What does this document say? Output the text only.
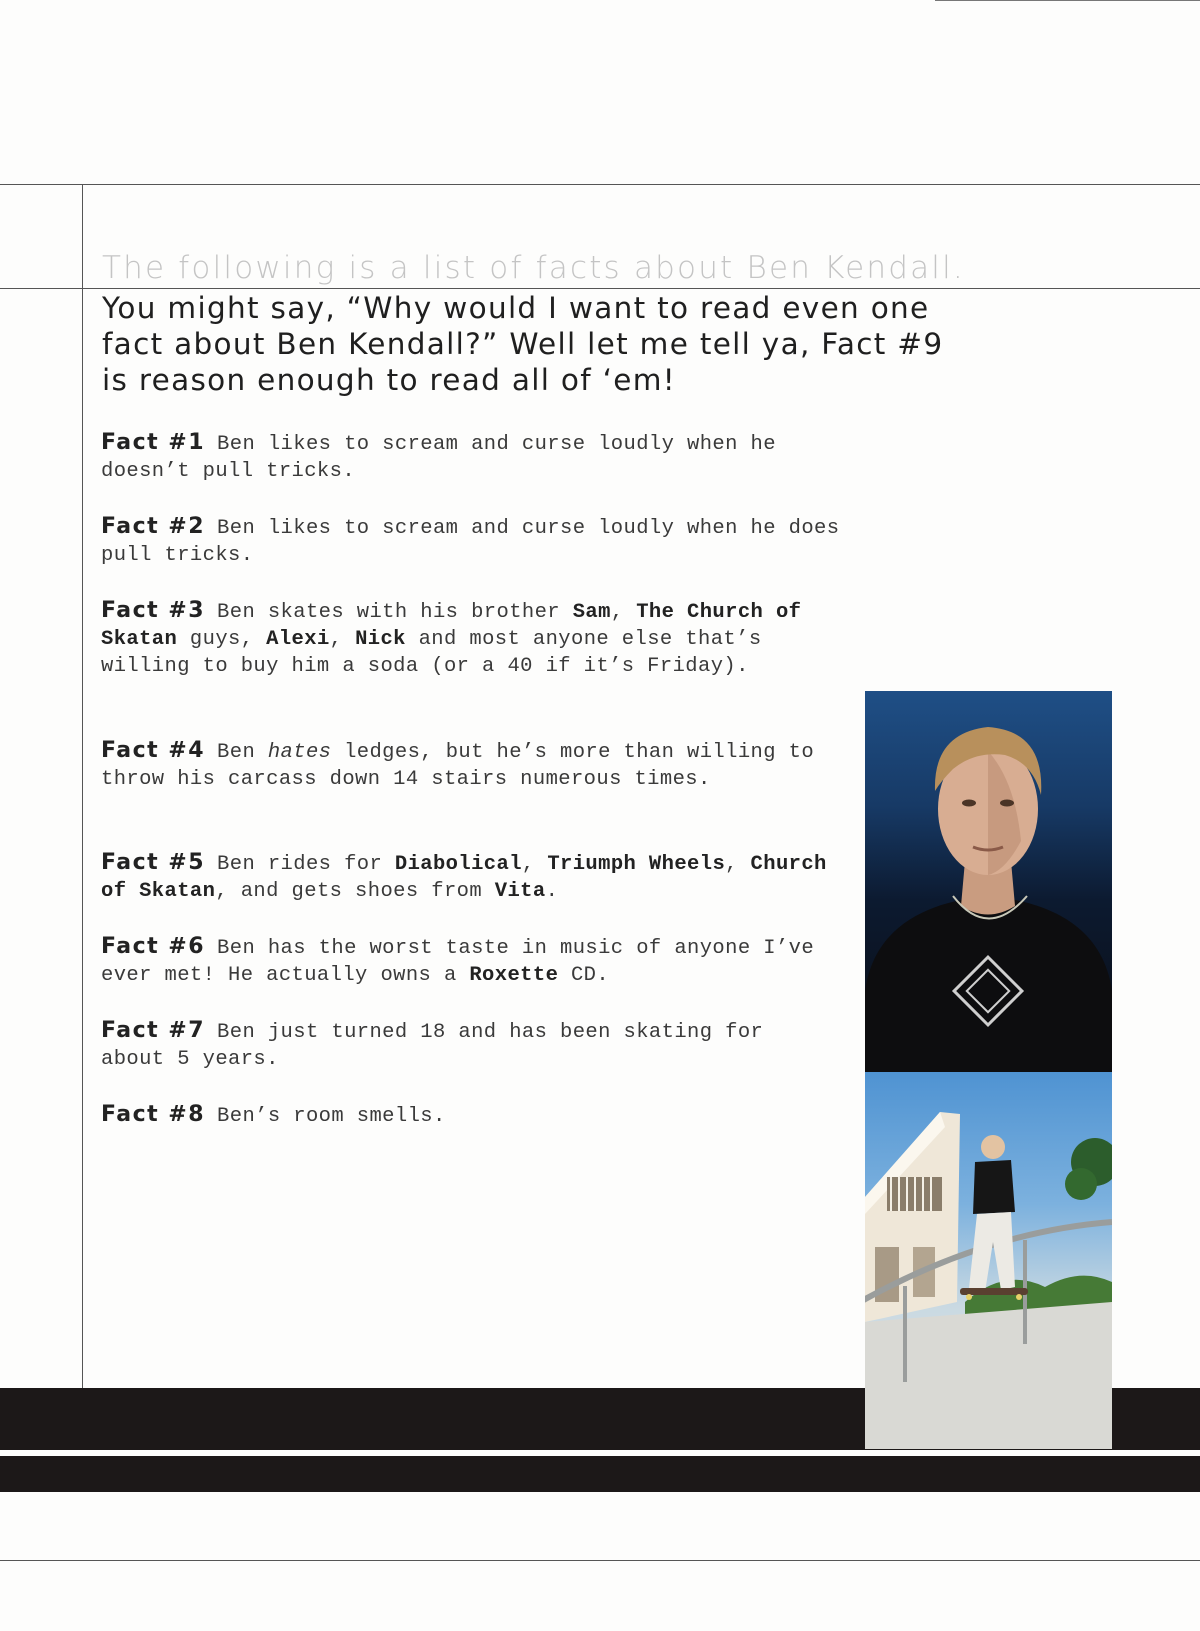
The following is a list of facts about Ben Kendall.
You might say, “Why would I want to read even one
fact about Ben Kendall?” Well let me tell ya, Fact #9
is reason enough to read all of ‘em!
Fact #1 Ben likes to scream and curse loudly when he doesn’t pull tricks.
Fact #2 Ben likes to scream and curse loudly when he does pull tricks.
Fact #3 Ben skates with his brother Sam, The Church of Skatan guys, Alexi, Nick and most anyone else that’s willing to buy him a soda (or a 40 if it’s Friday).
Fact #4 Ben hates ledges, but he’s more than willing to throw his carcass down 14 stairs numerous times.
Fact #5 Ben rides for Diabolical, Triumph Wheels, Church of Skatan, and gets shoes from Vita.
Fact #6 Ben has the worst taste in music of anyone I’ve ever met! He actually owns a Roxette CD.
Fact #7 Ben just turned 18 and has been skating for about 5 years.
Fact #8 Ben’s room smells.
